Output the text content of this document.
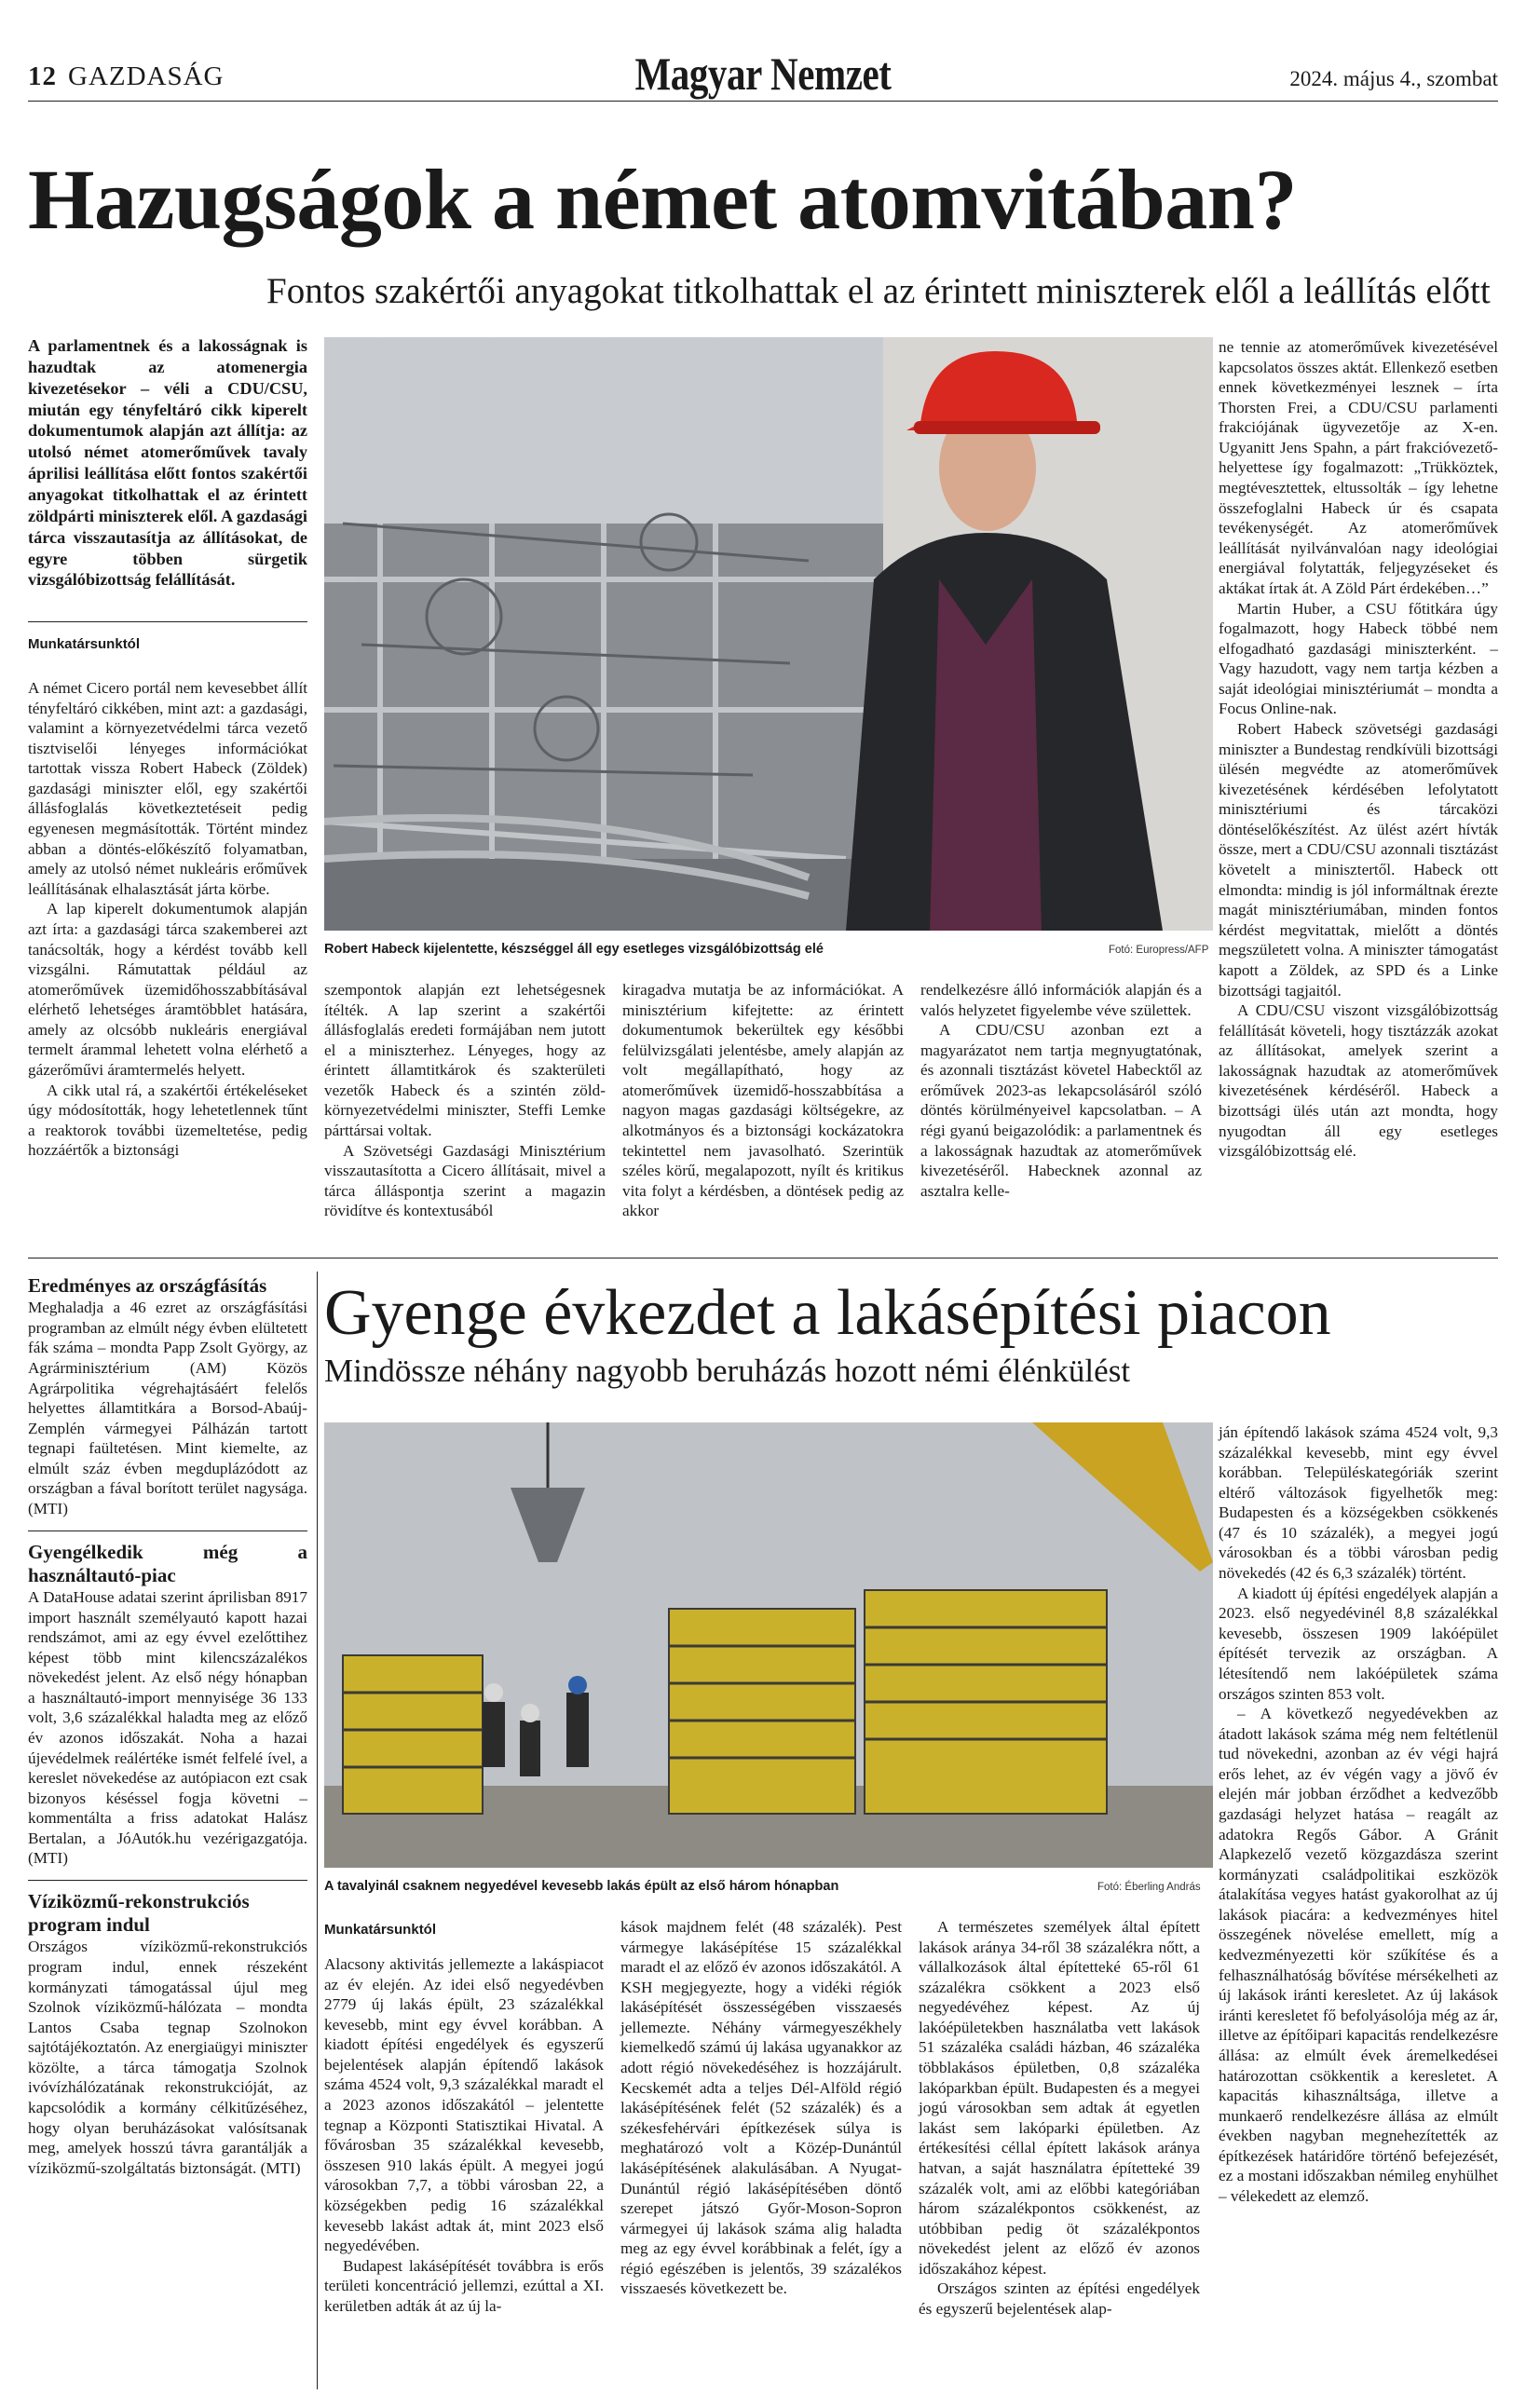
12 GAZDASÁG	Magyar Nemzet	2024. május 4., szombat
Hazugságok a német atomvitában?
Fontos szakértői anyagokat titkolhattak el az érintett miniszterek elől a leállítás előtt
A parlamentnek és a lakosságnak is hazudtak az atomenergia kivezetésekor – véli a CDU/CSU, miután egy tényfeltáró cikk kiperelt dokumentumok alapján azt állítja: az utolsó német atomerőművek tavaly áprilisi leállítása előtt fontos szakértői anyagokat titkolhattak el az érintett zöldpárti miniszterek elől. A gazdasági tárca visszautasítja az állításokat, de egyre többen sürgetik vizsgálóbizottság felállítását.
Munkatársunktól

A német Cicero portál nem kevesebbet állít tényfeltáró cikkében, mint azt: a gazdasági, valamint a környezetvédelmi tárca vezető tisztviselői lényeges információkat tartottak vissza Robert Habeck (Zöldek) gazdasági miniszter elől, egy szakértői állásfoglalás következtetéseit pedig egyenesen megmásították. Történt mindez abban a döntés-előkészítő folyamatban, amely az utolsó német nukleáris erőművek leállításának elhalasztását járta körbe.

A lap kiperelt dokumentumok alapján azt írta: a gazdasági tárca szakemberei azt tanácsolták, hogy a kérdést tovább kell vizsgálni. Rámutattak például az atomerőművek üzemidőhosszabbításával elérhető lehetséges áramtöbblet hatására, amely az olcsóbb nukleáris energiával termelt árammal lehetett volna elérhető a gázerőművi áramtermelés helyett.

A cikk utal rá, a szakértői értékeléseket úgy módosították, hogy lehetetlennek tűnt a reaktorok további üzemeltetése, pedig hozzáértők a biztonsági

Robert Habeck kijelentette, készséggel áll egy esetleges vizsgálóbizottság elé	Fotó: Europress/AFP

szempontok alapján ezt lehetségesnek ítélték. A lap szerint a szakértői állásfoglalás eredeti formájában nem jutott el a miniszterhez. Lényeges, hogy az érintett államtitkárok és szakterületi vezetők Habeck és a szintén zöld-környezetvédelmi miniszter, Steffi Lemke párttársai voltak.

A Szövetségi Gazdasági Minisztérium visszautasította a Cicero állításait, mivel a tárca álláspontja szerint a magazin rövidítve és kontextusából

kiragadva mutatja be az információkat. A minisztérium kifejtette: az érintett dokumentumok bekerültek egy későbbi felülvizsgálati jelentésbe, amely alapján az volt megállapítható, hogy az atomerőművek üzemidő-hosszabbítása a nagyon magas gazdasági költségekre, az alkotmányos és a biztonsági kockázatokra tekintettel nem javasolható. Szerintük széles körű, megalapozott, nyílt és kritikus vita folyt a kérdésben, a döntések pedig az akkor

rendelkezésre álló információk alapján és a valós helyzetet figyelembe véve születtek.

A CDU/CSU azonban ezt a magyarázatot nem tartja megnyugtatónak, és azonnali tisztázást követel Habecktől az erőművek 2023-as lekapcsolásáról szóló döntés körülményeivel kapcsolatban. – A régi gyanú beigazolódik: a parlamentnek és a lakosságnak hazudtak az atomerőművek kivezetéséről. Habecknek azonnal az asztalra kelle-

ne tennie az atomerőművek kivezetésével kapcsolatos összes aktát. Ellenkező esetben ennek következményei lesznek – írta Thorsten Frei, a CDU/CSU parlamenti frakciójának ügyvezetője az X-en. Ugyanitt Jens Spahn, a párt frakcióvezető-helyettese így fogalmazott: „Trükköztek, megtévesztettek, eltussolták – így lehetne összefoglalni Habeck úr és csapata tevékenységét. Az atomerőművek leállítását nyilvánvalóan nagy ideológiai energiával folytatták, feljegyzéseket és aktákat írtak át. A Zöld Párt érdekében…”

Martin Huber, a CSU főtitkára úgy fogalmazott, hogy Habeck többé nem elfogadható gazdasági miniszterként. – Vagy hazudott, vagy nem tartja kézben a saját ideológiai minisztériumát – mondta a Focus Online-nak.

Robert Habeck szövetségi gazdasági miniszter a Bundestag rendkívüli bizottsági ülésén megvédte az atomerőművek kivezetésének kérdésében lefolytatott minisztériumi és tárcaközi döntéselőkészítést. Az ülést azért hívták össze, mert a CDU/CSU azonnali tisztázást követelt a minisztertől. Habeck ott elmondta: mindig is jól informáltnak érezte magát minisztériumában, minden fontos kérdést megvitattak, mielőtt a döntés megszületett volna. A miniszter támogatást kapott a Zöldek, az SPD és a Linke bizottsági tagjaitól.

A CDU/CSU viszont vizsgálóbizottság felállítását követeli, hogy tisztázzák azokat az állításokat, amelyek szerint a lakosságnak hazudtak az atomerőművek kivezetésének kérdéséről. Habeck a bizottsági ülés után azt mondta, hogy nyugodtan áll egy esetleges vizsgálóbizottság elé.

Eredményes az országfásítás

Meghaladja a 46 ezret az országfásítási programban az elmúlt négy évben elültetett fák száma – mondta Papp Zsolt György, az Agrárminisztérium (AM) Közös Agrárpolitika végrehajtásáért felelős helyettes államtitkára a Borsod-Abaúj-Zemplén vármegyei Pálházán tartott tegnapi faültetésen. Mint kiemelte, az elmúlt száz évben megduplázódott az országban a fával borított terület nagysága. (MTI)

Gyengélkedik még a használtautó-piac

A DataHouse adatai szerint áprilisban 8917 import használt személyautó kapott hazai rendszámot, ami az egy évvel ezelőttihez képest több mint kilencszázalékos növekedést jelent. Az első négy hónapban a használtautó-import mennyisége 36 133 volt, 3,6 százalékkal haladta meg az előző év azonos időszakát. Noha a hazai újevédelmek reálértéke ismét felfelé ível, a kereslet növekedése az autópiacon ezt csak bizonyos késéssel fogja követni – kommentálta a friss adatokat Halász Bertalan, a JóAutók.hu vezérigazgatója. (MTI)

Víziközmű-rekonstrukciós program indul

Országos víziközmű-rekonstrukciós program indul, ennek részeként kormányzati támogatással újul meg Szolnok víziközmű-hálózata – mondta Lantos Csaba tegnap Szolnokon sajtótájékoztatón. Az energiaügyi miniszter közölte, a tárca támogatja Szolnok ivóvízhálózatának rekonstrukcióját, az kapcsolódik a kormány célkitűzéséhez, hogy olyan beruházásokat valósítsanak meg, amelyek hosszú távra garantálják a víziközmű-szolgáltatás biztonságát. (MTI)

Gyenge évkezdet a lakásépítési piacon
Mindössze néhány nagyobb beruházás hozott némi élénkülést
A tavalyinál csaknem negyedével kevesebb lakás épült az első három hónapban	Fotó: Éberling András
Munkatársunktól

Alacsony aktivitás jellemezte a lakáspiacot az év elején. Az idei első negyedévben 2779 új lakás épült, 23 százalékkal kevesebb, mint egy évvel korábban. A kiadott építési engedélyek és egyszerű bejelentések alapján építendő lakások száma 4524 volt, 9,3 százalékkal maradt el a 2023 azonos időszakától – jelentette tegnap a Központi Statisztikai Hivatal. A fővárosban 35 százalékkal kevesebb, összesen 910 lakás épült. A megyei jogú városokban 7,7, a többi városban 22, a községekben pedig 16 százalékkal kevesebb lakást adtak át, mint 2023 első negyedévében.

Budapest lakásépítését továbbra is erős területi koncentráció jellemzi, ezúttal a XI. kerületben adták át az új la-

kások majdnem felét (48 százalék). Pest vármegye lakásépítése 15 százalékkal maradt el az előző év azonos időszakától. A KSH megjegyezte, hogy a vidéki régiók lakásépítését összességében visszaesés jellemezte. Néhány vármegyeszékhely kiemelkedő számú új lakása ugyanakkor az adott régió növekedéséhez is hozzájárult. Kecskemét adta a teljes Dél-Alföld régió lakásépítésének felét (52 százalék) és a székesfehérvári építkezések súlya is meghatározó volt a Közép-Dunántúl lakásépítésének alakulásában. A Nyugat-Dunántúl régió lakásépítésében döntő szerepet játszó Győr-Moson-Sopron vármegyei új lakások száma alig haladta meg az egy évvel korábbinak a felét, így a régió egészében is jelentős, 39 százalékos visszaesés következett be.

A természetes személyek által épített lakások aránya 34-ről 38 százalékra nőtt, a vállalkozások által építetteké 65-ről 61 százalékra csökkent a 2023 első negyedévéhez képest. Az új lakóépületekben használatba vett lakások 51 százaléka családi házban, 46 százaléka többlakásos épületben, 0,8 százaléka lakóparkban épült. Budapesten és a megyei jogú városokban sem adtak át egyetlen lakást sem lakóparki épületben. Az értékesítési céllal épített lakások aránya hatvan, a saját használatra építetteké 39 százalék volt, ami az előbbi kategóriában három százalékpontos csökkenést, az utóbbiban pedig öt százalékpontos növekedést jelent az előző év azonos időszakához képest.

Országos szinten az építési engedélyek és egyszerű bejelentések alap-

ján építendő lakások száma 4524 volt, 9,3 százalékkal kevesebb, mint egy évvel korábban. Településkategóriák szerint eltérő változások figyelhetők meg: Budapesten és a községekben csökkenés (47 és 10 százalék), a megyei jogú városokban és a többi városban pedig növekedés (42 és 6,3 százalék) történt.

A kiadott új építési engedélyek alapján a 2023. első negyedévinél 8,8 százalékkal kevesebb, összesen 1909 lakóépület építését tervezik az országban. A létesítendő nem lakóépületek száma országos szinten 853 volt.

– A következő negyedévekben az átadott lakások száma még nem feltétlenül tud növekedni, azonban az év végi hajrá erős lehet, az év végén vagy a jövő év elején már jobban érződhet a kedvezőbb gazdasági helyzet hatása – reagált az adatokra Regős Gábor. A Gránit Alapkezelő vezető közgazdásza szerint kormányzati családpolitikai eszközök átalakítása vegyes hatást gyakorolhat az új lakások piacára: a kedvezményes hitel összegének növelése emellett, míg a kedvezményezetti kör szűkítése és a felhasználhatóság bővítése mérsékelheti az új lakások iránti keresletet. Az új lakások iránti keresletet fő befolyásolója még az ár, illetve az építőipari kapacitás rendelkezésre állása: az elmúlt évek áremelkedései határozottan csökkentik a keresletet. A kapacitás kihasználtsága, illetve a munkaerő rendelkezésre állása az elmúlt években nagyban megnehezítették az építkezések határidőre történő befejezését, ez a mostani időszakban némileg enyhülhet – vélekedett az elemző.
